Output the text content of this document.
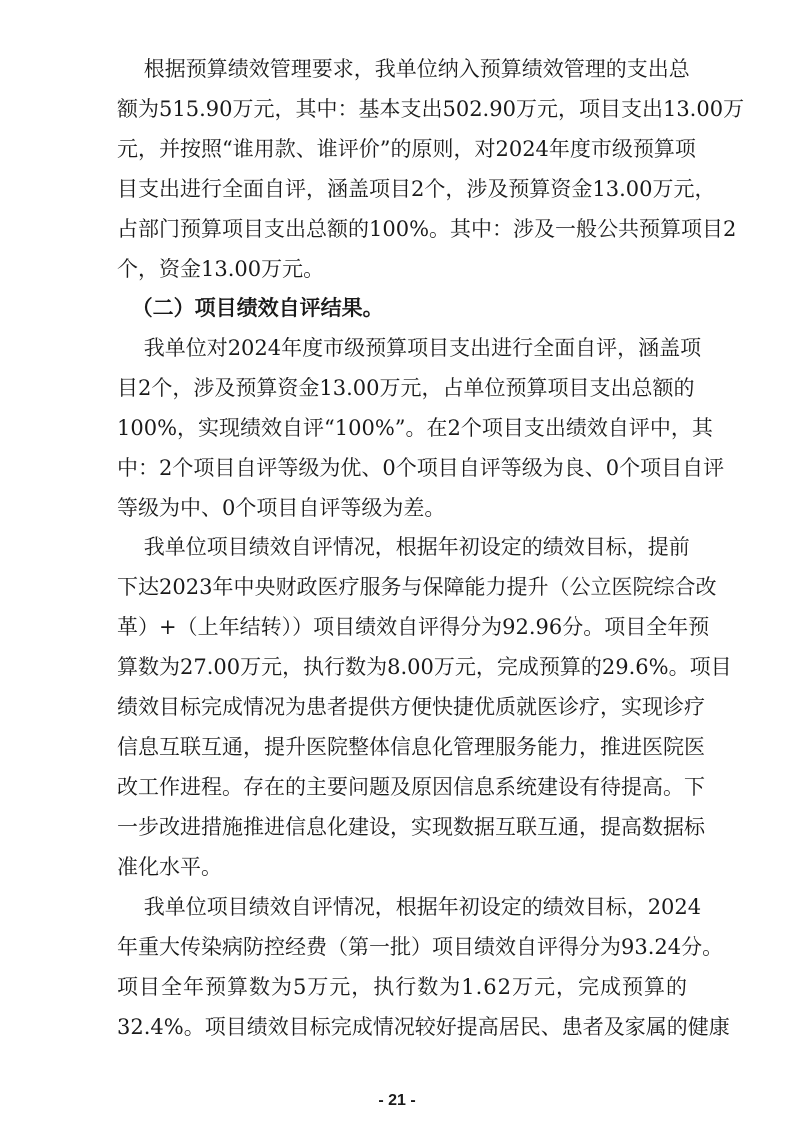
根据预算绩效管理要求，我单位纳入预算绩效管理的支出总
额为515.90万元，其中：基本支出502.90万元，项目支出13.00万
元，并按照“谁用款、谁评价”的原则，对2024年度市级预算项
目支出进行全面自评，涵盖项目2个，涉及预算资金13.00万元，
占部门预算项目支出总额的100%。其中：涉及一般公共预算项目2
个，资金13.00万元。
（二）项目绩效自评结果。
我单位对2024年度市级预算项目支出进行全面自评，涵盖项
目2个，涉及预算资金13.00万元，占单位预算项目支出总额的
100%，实现绩效自评“100%”。在2个项目支出绩效自评中，其
中：2个项目自评等级为优、0个项目自评等级为良、0个项目自评
等级为中、0个项目自评等级为差。
我单位项目绩效自评情况，根据年初设定的绩效目标，提前
下达2023年中央财政医疗服务与保障能力提升（公立医院综合改
革）+（上年结转））项目绩效自评得分为92.96分。项目全年预
算数为27.00万元，执行数为8.00万元，完成预算的29.6%。项目
绩效目标完成情况为患者提供方便快捷优质就医诊疗，实现诊疗
信息互联互通，提升医院整体信息化管理服务能力，推进医院医
改工作进程。存在的主要问题及原因信息系统建设有待提高。下
一步改进措施推进信息化建设，实现数据互联互通，提高数据标
准化水平。
我单位项目绩效自评情况，根据年初设定的绩效目标，2024
年重大传染病防控经费（第一批）项目绩效自评得分为93.24分。
项目全年预算数为5万元，执行数为1.62万元，完成预算的
32.4%。项目绩效目标完成情况较好提高居民、患者及家属的健康
- 21 -
